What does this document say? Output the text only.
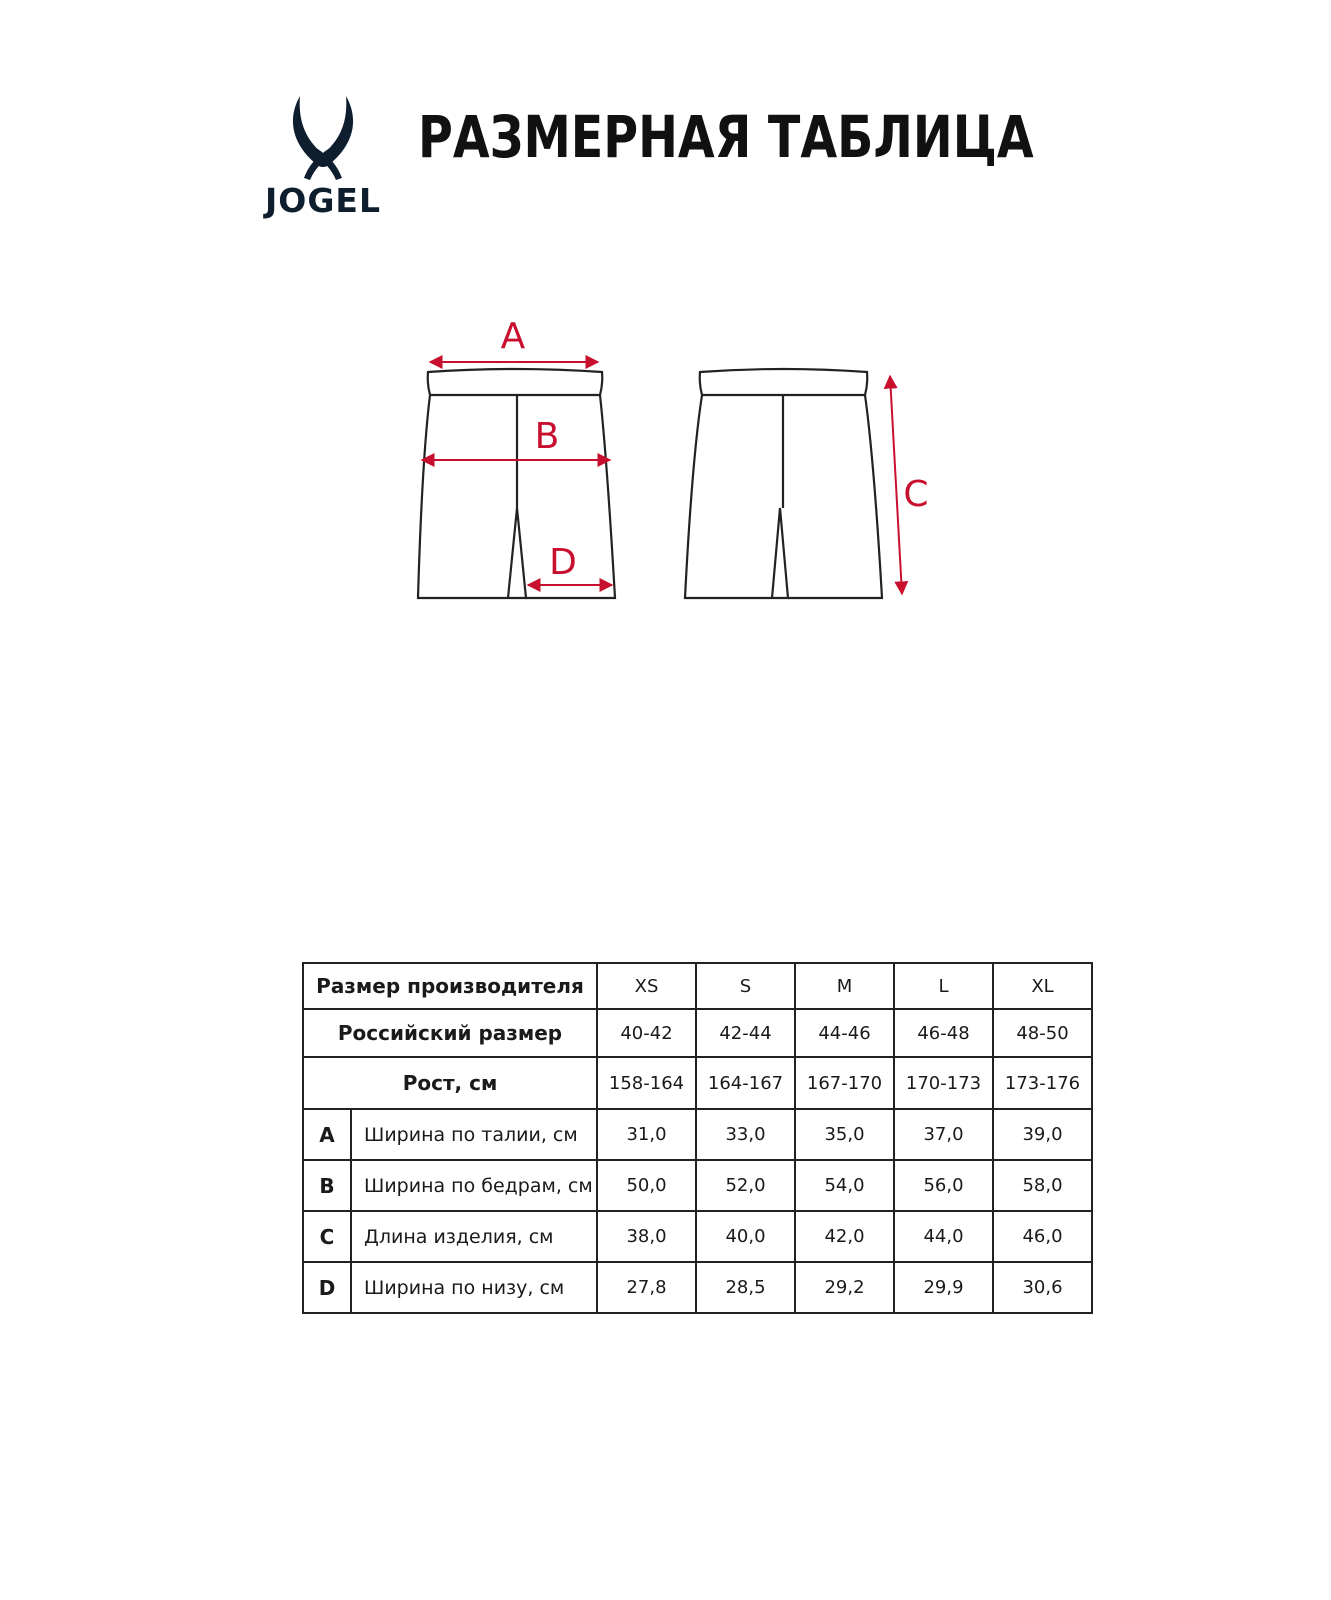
JOGEL
РАЗМЕРНАЯ ТАБЛИЦА
A
B
D
C
Размер производителя		XS	S	M	L	XL
Российский размер		40-42	42-44	44-46	46-48	48-50
Рост, см		158-164	164-167	167-170	170-173	173-176
A	Ширина по талии, см	31,0	33,0	35,0	37,0	39,0
B	Ширина по бедрам, см	50,0	52,0	54,0	56,0	58,0
C	Длина изделия, см	38,0	40,0	42,0	44,0	46,0
D	Ширина по низу, см	27,8	28,5	29,2	29,9	30,6
